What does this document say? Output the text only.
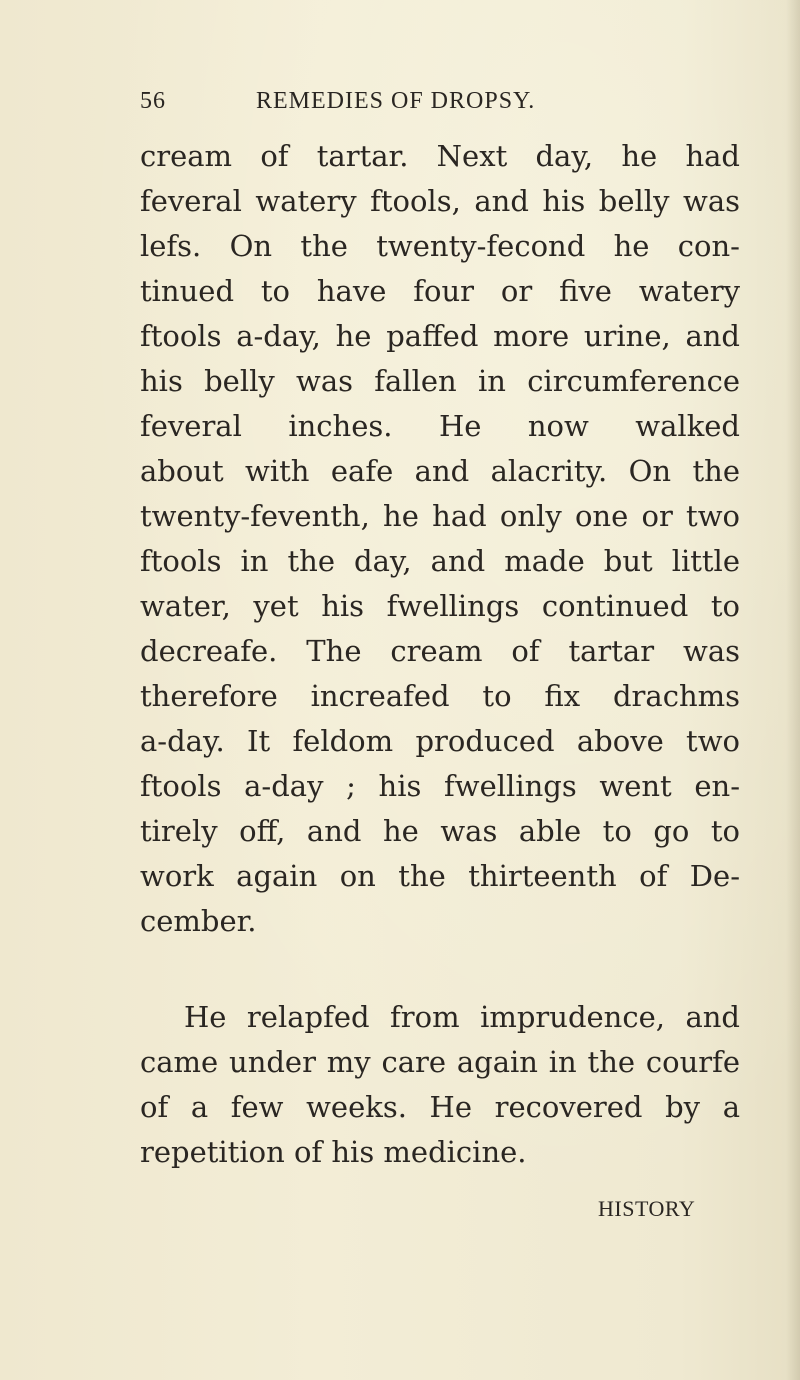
56	REMEDIES OF DROPSY.
cream of tartar. Next day, he had
feveral watery ftools, and his belly was
lefs. On the twenty-fecond he con-
tinued to have four or five watery
ftools a-day, he paffed more urine, and
his belly was fallen in circumference
feveral inches. He now walked
about with eafe and alacrity. On the
twenty-feventh, he had only one or two
ftools in the day, and made but little
water, yet his fwellings continued to
decreafe. The cream of tartar was
therefore increafed to fix drachms
a-day. It feldom produced above two
ftools a-day ; his fwellings went en-
tirely off, and he was able to go to
work again on the thirteenth of De-
cember.
He relapfed from imprudence, and
came under my care again in the courfe
of a few weeks. He recovered by a
repetition of his medicine.
HISTORY
